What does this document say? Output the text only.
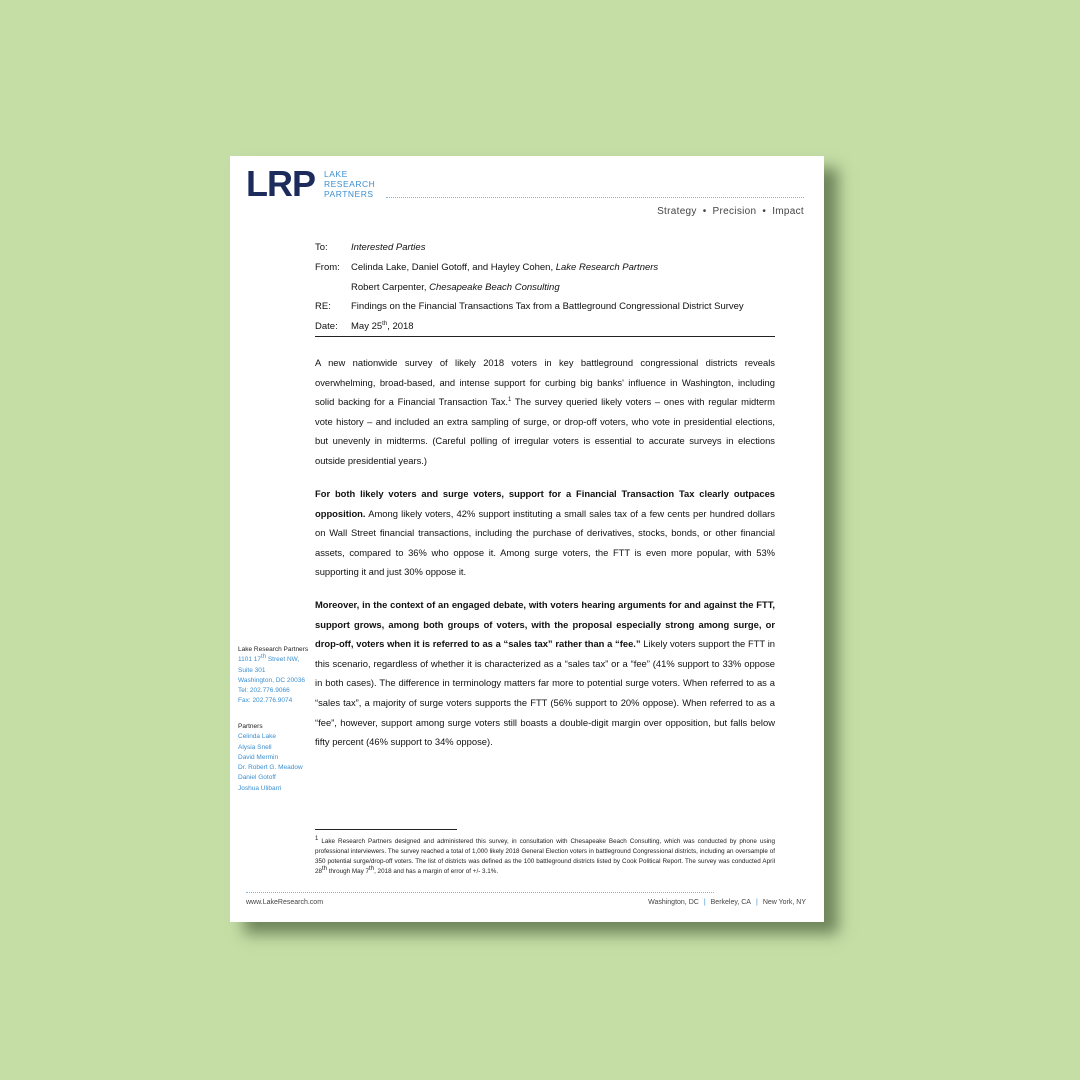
LRP LAKE
RESEARCH
PARTNERS
Strategy • Precision • Impact
To:	Interested Parties
From:	Celinda Lake, Daniel Gotoff, and Hayley Cohen, Lake Research Partners
Robert Carpenter, Chesapeake Beach Consulting
RE:	Findings on the Financial Transactions Tax from a Battleground Congressional District Survey
Date:	May 25th, 2018

A new nationwide survey of likely 2018 voters in key battleground congressional districts reveals overwhelming, broad-based, and intense support for curbing big banks' influence in Washington, including solid backing for a Financial Transaction Tax.$^1$ The survey queried likely voters – ones with regular midterm vote history – and included an extra sampling of surge, or drop-off voters, who vote in presidential elections, but unevenly in midterms. (Careful polling of irregular voters is essential to accurate surveys in elections outside presidential years.)

For both likely voters and surge voters, support for a Financial Transaction Tax clearly outpaces opposition. Among likely voters, 42% support instituting a small sales tax of a few cents per hundred dollars on Wall Street financial transactions, including the purchase of derivatives, stocks, bonds, or other financial assets, compared to 36% who oppose it. Among surge voters, the FTT is even more popular, with 53% supporting it and just 30% oppose it.

Moreover, in the context of an engaged debate, with voters hearing arguments for and against the FTT, support grows, among both groups of voters, with the proposal especially strong among surge, or drop-off, voters when it is referred to as a “sales tax” rather than a “fee.” Likely voters support the FTT in this scenario, regardless of whether it is characterized as a “sales tax” or a “fee” (41% support to 33% oppose in both cases). The difference in terminology matters far more to potential surge voters. When referred to as a “sales tax”, a majority of surge voters supports the FTT (56% support to 20% oppose). When referred to as a “fee”, however, support among surge voters still boasts a double-digit margin over opposition, but falls below fifty percent (46% support to 34% oppose).

Lake Research Partners
1101 17th Street NW,
Suite 301
Washington, DC 20036
Tel: 202.776.9066
Fax: 202.776.9074
Partners
Celinda Lake
Alysia Snell
David Mermin
Dr. Robert G. Meadow
Daniel Gotoff
Joshua Ulibarri

$^1$ Lake Research Partners designed and administered this survey, in consultation with Chesapeake Beach Consulting, which was conducted by phone using professional interviewers. The survey reached a total of 1,000 likely 2018 General Election voters in battleground Congressional districts, including an oversample of 350 potential surge/drop-off voters. The list of districts was defined as the 100 battleground districts listed by Cook Political Report. The survey was conducted April 28th through May 7th, 2018 and has a margin of error of +/- 3.1%.

www.LakeResearch.com	Washington, DC | Berkeley, CA | New York, NY
